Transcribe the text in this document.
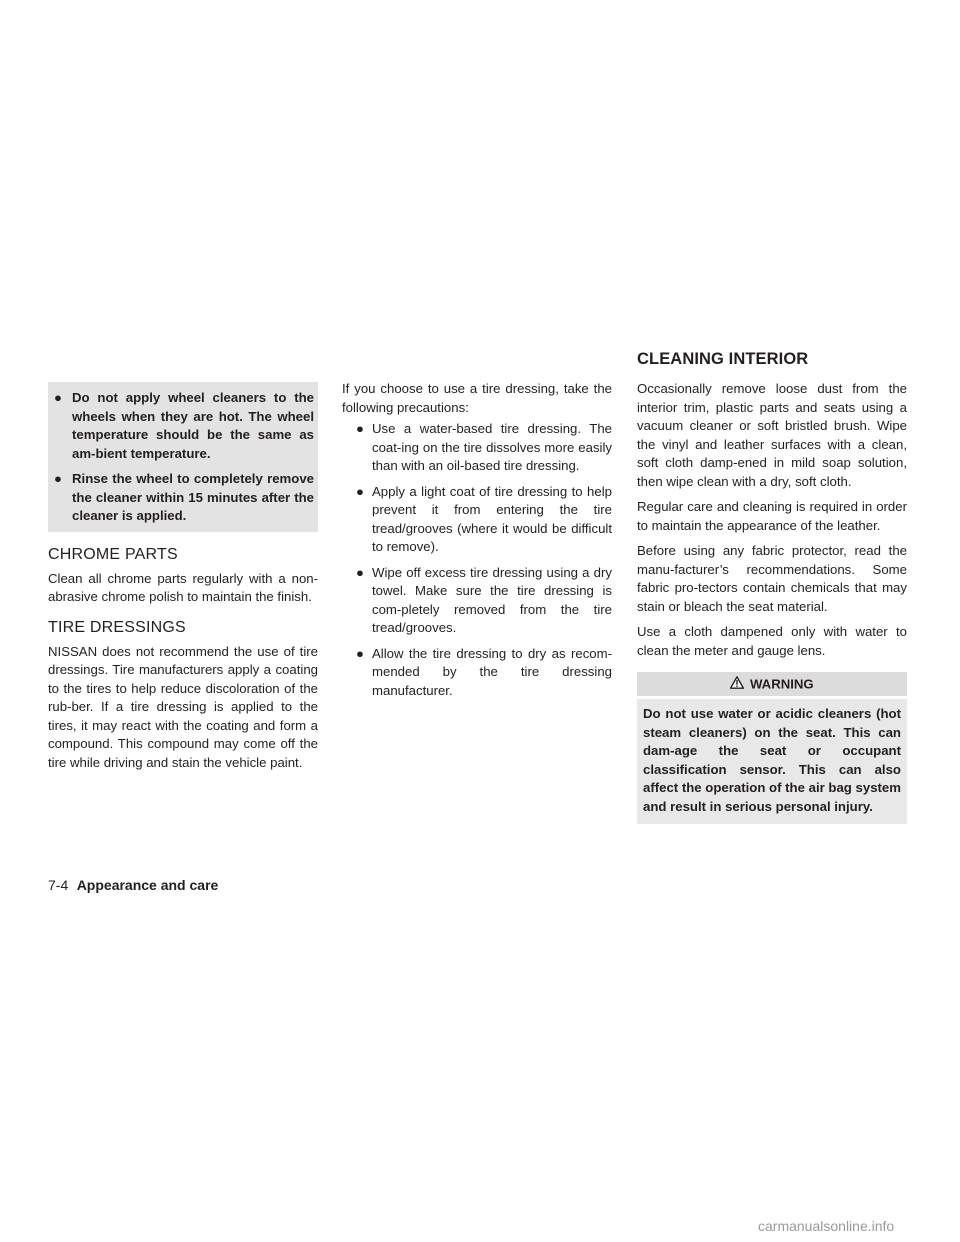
CLEANING INTERIOR
● Do not apply wheel cleaners to the wheels when they are hot. The wheel temperature should be the same as am-bient temperature.
● Rinse the wheel to completely remove the cleaner within 15 minutes after the cleaner is applied.
CHROME PARTS

Clean all chrome parts regularly with a non-abrasive chrome polish to maintain the finish.

TIRE DRESSINGS

NISSAN does not recommend the use of tire dressings. Tire manufacturers apply a coating to the tires to help reduce discoloration of the rub-ber. If a tire dressing is applied to the tires, it may react with the coating and form a compound. This compound may come off the tire while driving and stain the vehicle paint.

If you choose to use a tire dressing, take the following precautions:

● Use a water-based tire dressing. The coat-ing on the tire dissolves more easily than with an oil-based tire dressing.
● Apply a light coat of tire dressing to help prevent it from entering the tire tread/grooves (where it would be difficult to remove).
● Wipe off excess tire dressing using a dry towel. Make sure the tire dressing is com-pletely removed from the tire tread/grooves.
● Allow the tire dressing to dry as recom-mended by the tire dressing manufacturer.

Occasionally remove loose dust from the interior trim, plastic parts and seats using a vacuum cleaner or soft bristled brush. Wipe the vinyl and leather surfaces with a clean, soft cloth damp-ened in mild soap solution, then wipe clean with a dry, soft cloth.

Regular care and cleaning is required in order to maintain the appearance of the leather.

Before using any fabric protector, read the manu-facturer’s recommendations. Some fabric pro-tectors contain chemicals that may stain or bleach the seat material.

Use a cloth dampened only with water to clean the meter and gauge lens.

WARNING
Do not use water or acidic cleaners (hot steam cleaners) on the seat. This can dam-age the seat or occupant classification sensor. This can also affect the operation of the air bag system and result in serious personal injury.
7-4 Appearance and care
carmanualsonline.info
